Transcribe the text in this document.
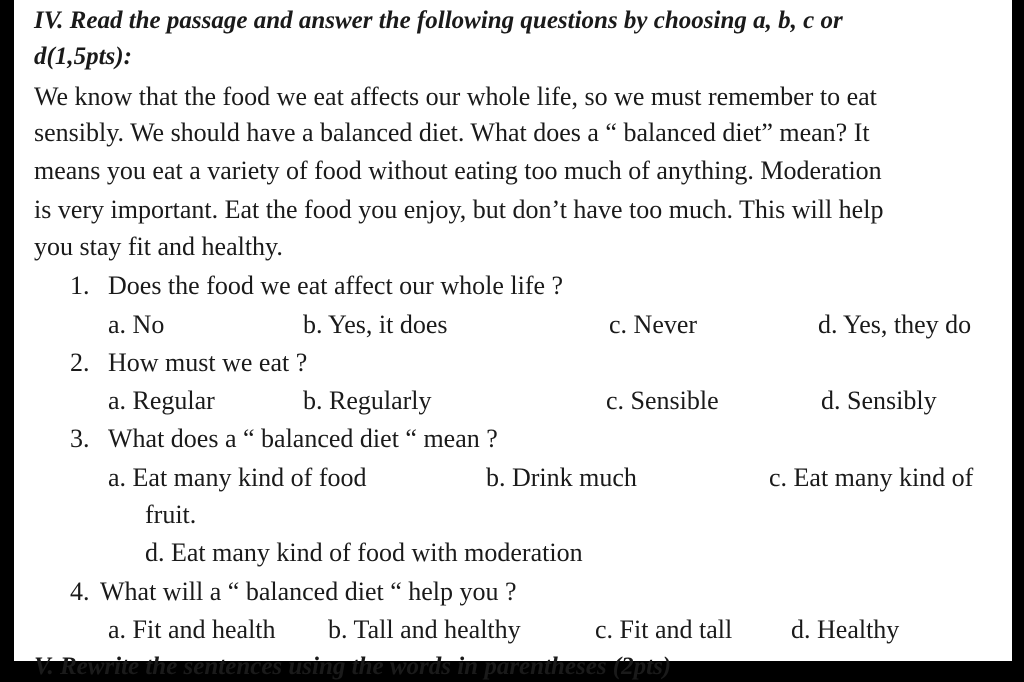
IV. Read the passage and answer the following questions by choosing a, b, c or
d(1,5pts):
We know that the food we eat affects our whole life, so we must remember to eat
sensibly. We should have a balanced diet. What does a “ balanced diet” mean? It
means you eat a variety of food without eating too much of anything. Moderation
is very important. Eat the food you enjoy, but don’t have too much. This will help
you stay fit and healthy.
1. Does the food we eat affect our whole life ?
a. No	b. Yes, it does	c. Never	d. Yes, they do
2. How must we eat ?
a. Regular	b. Regularly	c. Sensible	d. Sensibly
3. What does a “ balanced diet “ mean ?
a. Eat many kind of food	b. Drink much	c. Eat many kind of
fruit.
d. Eat many kind of food with moderation
4. What will a “ balanced diet “ help you ?
a. Fit and health b. Tall and healthy	c. Fit and tall d. Healthy
V. Rewrite the sentences using the words in parentheses (2pts)
